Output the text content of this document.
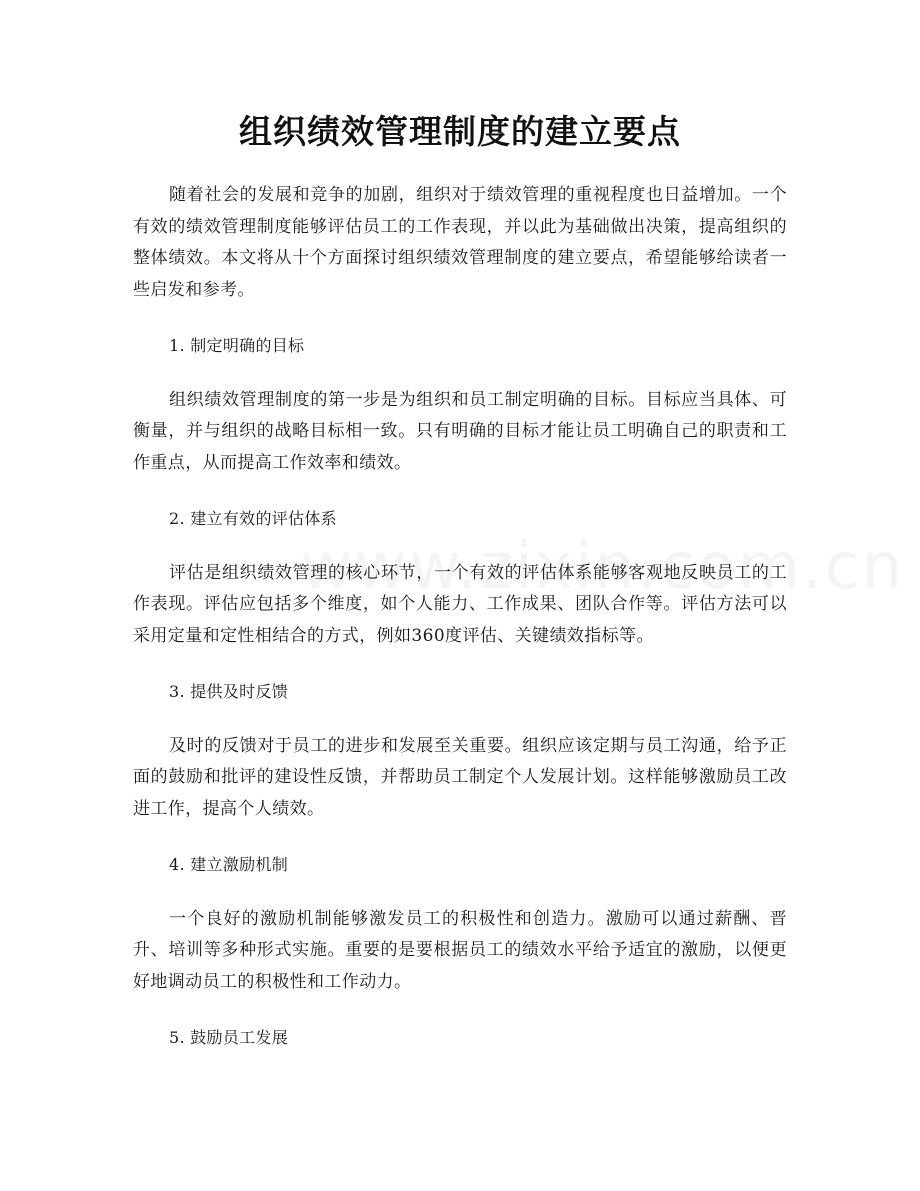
组织绩效管理制度的建立要点

随着社会的发展和竞争的加剧，组织对于绩效管理的重视程度也日益增加。一个有效的绩效管理制度能够评估员工的工作表现，并以此为基础做出决策，提高组织的整体绩效。本文将从十个方面探讨组织绩效管理制度的建立要点，希望能够给读者一些启发和参考。

1. 制定明确的目标

组织绩效管理制度的第一步是为组织和员工制定明确的目标。目标应当具体、可衡量，并与组织的战略目标相一致。只有明确的目标才能让员工明确自己的职责和工作重点，从而提高工作效率和绩效。

2. 建立有效的评估体系

评估是组织绩效管理的核心环节，一个有效的评估体系能够客观地反映员工的工作表现。评估应包括多个维度，如个人能力、工作成果、团队合作等。评估方法可以采用定量和定性相结合的方式，例如360度评估、关键绩效指标等。

3. 提供及时反馈

及时的反馈对于员工的进步和发展至关重要。组织应该定期与员工沟通，给予正面的鼓励和批评的建设性反馈，并帮助员工制定个人发展计划。这样能够激励员工改进工作，提高个人绩效。

4. 建立激励机制

一个良好的激励机制能够激发员工的积极性和创造力。激励可以通过薪酬、晋升、培训等多种形式实施。重要的是要根据员工的绩效水平给予适宜的激励，以便更好地调动员工的积极性和工作动力。

5. 鼓励员工发展
